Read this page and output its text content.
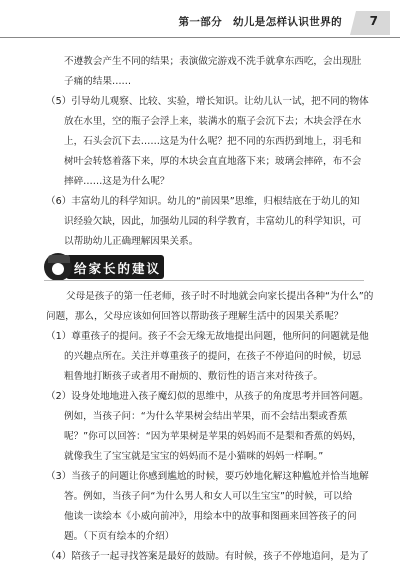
第一部分　幼儿是怎样认识世界的 7

不遵教会产生不同的结果；表演做完游戏不洗手就拿东西吃，会出现肚

子痛的结果……

（5）引导幼儿观察、比较、实验，增长知识。让幼儿认一试，把不同的物体

放在水里，空的瓶子会浮上来，装满水的瓶子会沉下去；木块会浮在水

上，石头会沉下去……这是为什么呢？把不同的东西扔到地上，羽毛和

树叶会转悠着落下来，厚的木块会直直地落下来；玻璃会摔碎，布不会

摔碎……这是为什么呢？

（6）丰富幼儿的科学知识。幼儿的“前因果”思维，归根结底在于幼儿的知

识经验欠缺，因此，加强幼儿园的科学教育，丰富幼儿的科学知识，可

以帮助幼儿正确理解因果关系。

给家长的建议

父母是孩子的第一任老师，孩子时不时地就会向家长提出各种“为什么”的

问题，那么，父母应该如何回答以帮助孩子理解生活中的因果关系呢？

（1）尊重孩子的提问。孩子不会无缘无故地提出问题，他所问的问题就是他

的兴趣点所在。关注并尊重孩子的提问，在孩子不停追问的时候，切忌

粗鲁地打断孩子或者用不耐烦的、敷衍性的语言来对待孩子。

（2）设身处地地进入孩子魔幻似的思维中，从孩子的角度思考并回答问题。

例如，当孩子问：“为什么苹果树会结出苹果，而不会结出梨或香蕉

呢？”你可以回答：“因为苹果树是苹果的妈妈而不是梨和香蕉的妈妈，

就像我生了宝宝就是宝宝的妈妈而不是小猫咪的妈妈一样啊。”

（3）当孩子的问题让你感到尴尬的时候，要巧妙地化解这种尴尬并恰当地解

答。例如，当孩子问“为什么男人和女人可以生宝宝”的时候，可以给

他读一读绘本《小威向前冲》，用绘本中的故事和图画来回答孩子的问

题。（下页有绘本的介绍）

（4）陪孩子一起寻找答案是最好的鼓励。有时候，孩子不停地追问，是为了
